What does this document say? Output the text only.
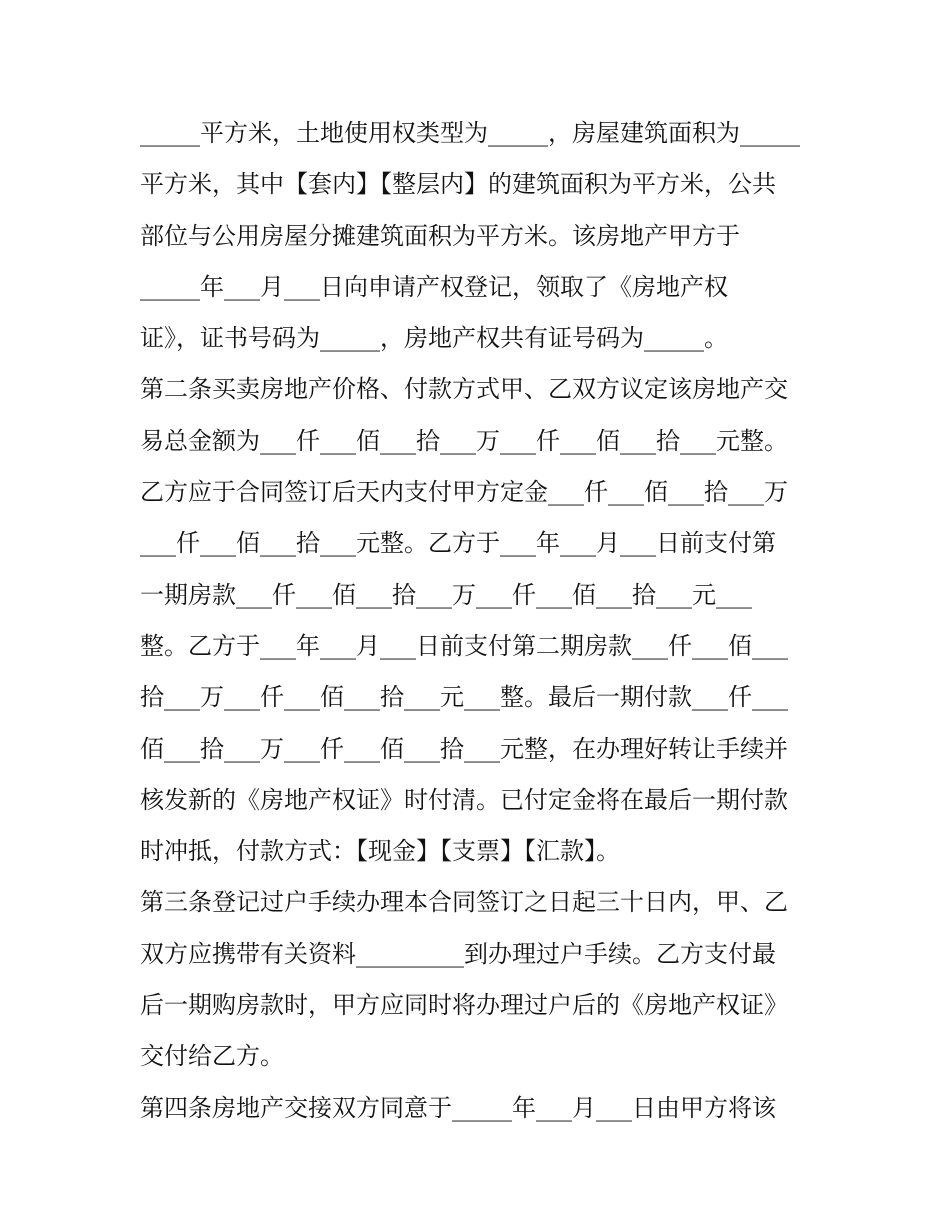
_____平方米，土地使用权类型为_____，房屋建筑面积为_____
平方米，其中【套内】【整层内】的建筑面积为平方米，公共
部位与公用房屋分摊建筑面积为平方米。该房地产甲方于
_____年___月___日向申请产权登记，领取了《房地产权
证》，证书号码为_____，房地产权共有证号码为_____。
第二条买卖房地产价格、付款方式甲、乙双方议定该房地产交
易总金额为___仟___佰___拾___万___仟___佰___拾___元整。
乙方应于合同签订后天内支付甲方定金___仟___佰___拾___万
___仟___佰___拾___元整。乙方于___年___月___日前支付第
一期房款___仟___佰___拾___万___仟___佰___拾___元___
整。乙方于___年___月___日前支付第二期房款___仟___佰___
拾___万___仟___佰___拾___元___整。最后一期付款___仟___
佰___拾___万___仟___佰___拾___元整，在办理好转让手续并
核发新的《房地产权证》时付清。已付定金将在最后一期付款
时冲抵，付款方式：【现金】【支票】【汇款】。
第三条登记过户手续办理本合同签订之日起三十日内，甲、乙
双方应携带有关资料_________到办理过户手续。乙方支付最
后一期购房款时，甲方应同时将办理过户后的《房地产权证》
交付给乙方。
第四条房地产交接双方同意于_____年___月___日由甲方将该
